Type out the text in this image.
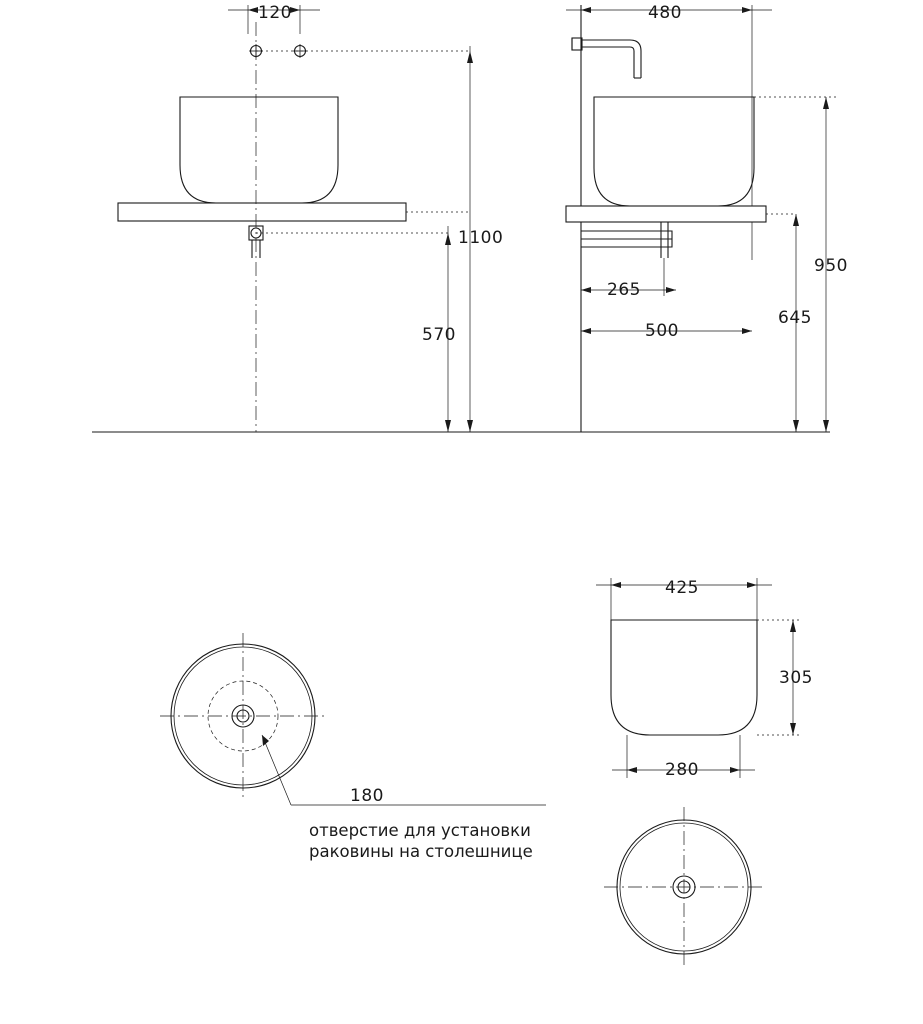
120
1100
570
480
950
645
265
500
180
425
305
280
отверстие для установки
раковины на столешнице
